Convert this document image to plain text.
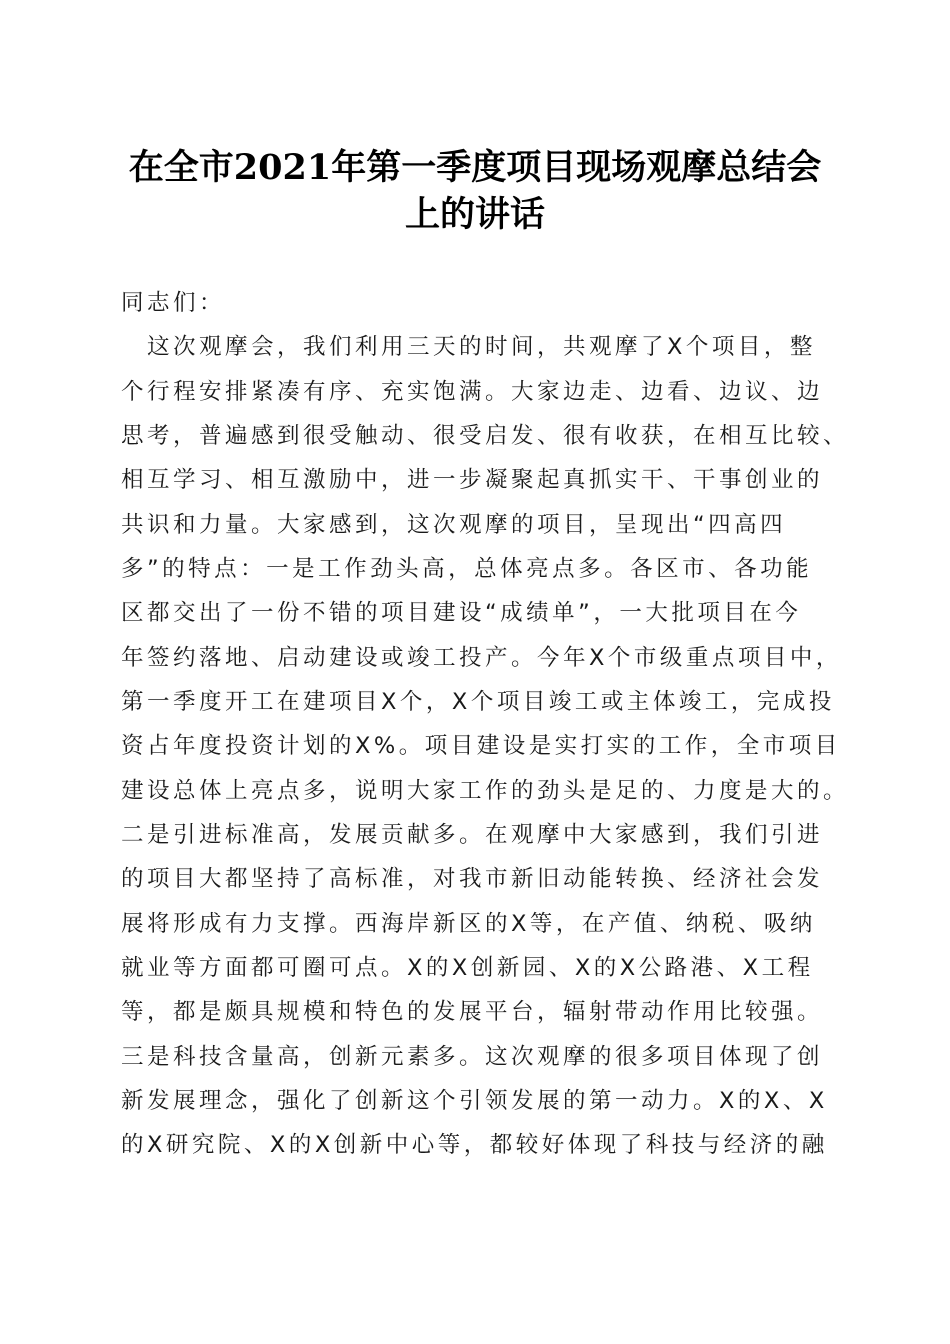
在全市2021年第一季度项目现场观摩总结会
上的讲话
同志们：
　这次观摩会，我们利用三天的时间，共观摩了X个项目，整
个行程安排紧凑有序、充实饱满。大家边走、边看、边议、边
思考，普遍感到很受触动、很受启发、很有收获，在相互比较、
相互学习、相互激励中，进一步凝聚起真抓实干、干事创业的
共识和力量。大家感到，这次观摩的项目，呈现出“四高四
多”的特点：一是工作劲头高，总体亮点多。各区市、各功能
区都交出了一份不错的项目建设“成绩单”，一大批项目在今
年签约落地、启动建设或竣工投产。今年X个市级重点项目中，
第一季度开工在建项目X个，X个项目竣工或主体竣工，完成投
资占年度投资计划的X%。项目建设是实打实的工作，全市项目
建设总体上亮点多，说明大家工作的劲头是足的、力度是大的。
二是引进标准高，发展贡献多。在观摩中大家感到，我们引进
的项目大都坚持了高标准，对我市新旧动能转换、经济社会发
展将形成有力支撑。西海岸新区的X等，在产值、纳税、吸纳
就业等方面都可圈可点。X的X创新园、X的X公路港、X工程
等，都是颇具规模和特色的发展平台，辐射带动作用比较强。
三是科技含量高，创新元素多。这次观摩的很多项目体现了创
新发展理念，强化了创新这个引领发展的第一动力。X的X、X
的X研究院、X的X创新中心等，都较好体现了科技与经济的融
